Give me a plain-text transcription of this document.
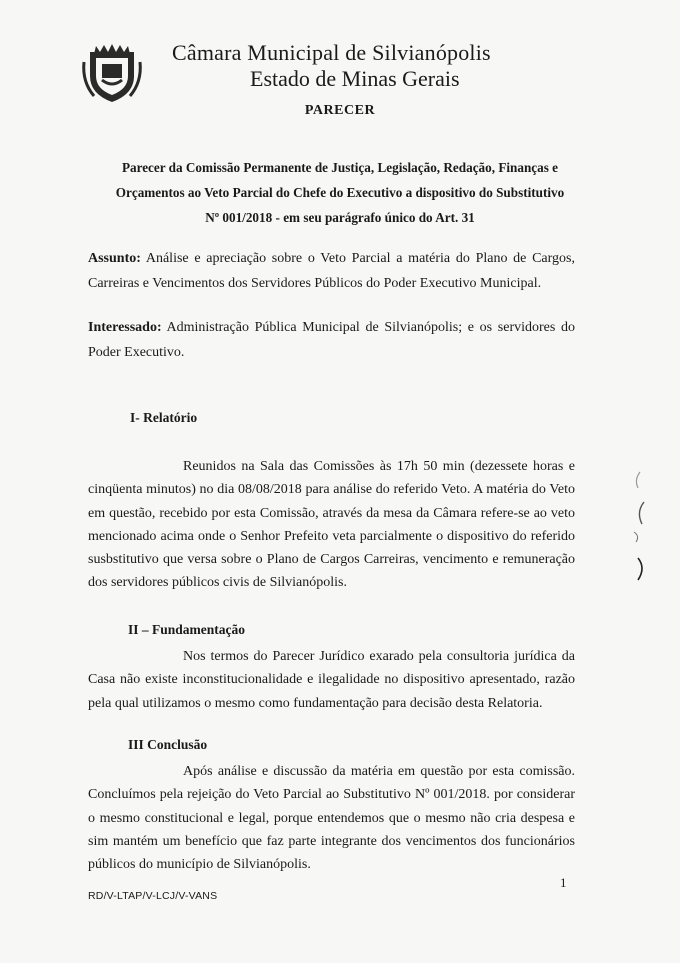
Câmara Municipal de Silvianópolis
Estado de Minas Gerais
PARECER

Parecer da Comissão Permanente de Justiça, Legislação, Redação, Finanças e

Orçamentos ao Veto Parcial do Chefe do Executivo a dispositivo do Substitutivo

Nº 001/2018 - em seu parágrafo único do Art. 31

Assunto: Análise e apreciação sobre o Veto Parcial a matéria do Plano de Cargos, Carreiras e Vencimentos dos Servidores Públicos do Poder Executivo Municipal.
Interessado: Administração Pública Municipal de Silvianópolis; e os servidores do Poder Executivo.
I- Relatório

Reunidos na Sala das Comissões às 17h 50 min (dezessete horas e cinqüenta minutos) no dia 08/08/2018 para análise do referido Veto. A matéria do Veto em questão, recebido por esta Comissão, através da mesa da Câmara refere-se ao veto mencionado acima onde o Senhor Prefeito veta parcialmente o dispositivo do referido susbstitutivo que versa sobre o Plano de Cargos Carreiras, vencimento e remuneração dos servidores públicos civis de Silvianópolis.

II – Fundamentação

Nos termos do Parecer Jurídico exarado pela consultoria jurídica da Casa não existe inconstitucionalidade e ilegalidade no dispositivo apresentado, razão pela qual utilizamos o mesmo como fundamentação para decisão desta Relatoria.

III Conclusão

Após análise e discussão da matéria em questão por esta comissão. Concluímos pela rejeição do Veto Parcial ao Substitutivo Nº 001/2018. por considerar o mesmo constitucional e legal, porque entendemos que o mesmo não cria despesa e sim mantém um benefício que faz parte integrante dos vencimentos dos funcionários públicos do município de Silvianópolis.

1
RD/V-LTAP/V-LCJ/V-VANS
